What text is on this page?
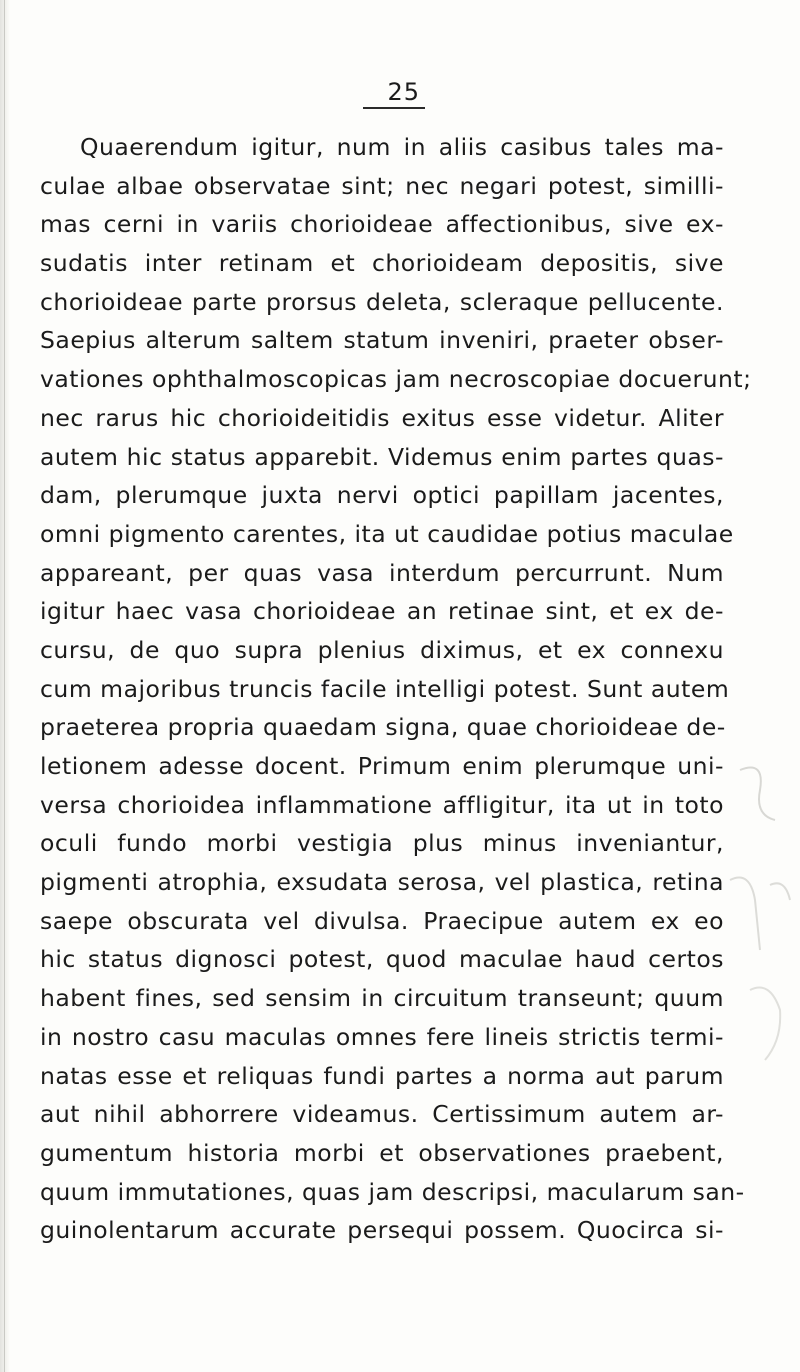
25
Quaerendum igitur, num in aliis casibus tales ma-
culae albae observatae sint; nec negari potest, similli-
mas cerni in variis chorioideae affectionibus, sive ex-
sudatis inter retinam et chorioideam depositis, sive
chorioideae parte prorsus deleta, scleraque pellucente.
Saepius alterum saltem statum inveniri, praeter obser-
vationes ophthalmoscopicas jam necroscopiae docuerunt;
nec rarus hic chorioideitidis exitus esse videtur. Aliter
autem hic status apparebit. Videmus enim partes quas-
dam, plerumque juxta nervi optici papillam jacentes,
omni pigmento carentes, ita ut caudidae potius maculae
appareant, per quas vasa interdum percurrunt. Num
igitur haec vasa chorioideae an retinae sint, et ex de-
cursu, de quo supra plenius diximus, et ex connexu
cum majoribus truncis facile intelligi potest. Sunt autem
praeterea propria quaedam signa, quae chorioideae de-
letionem adesse docent. Primum enim plerumque uni-
versa chorioidea inflammatione affligitur, ita ut in toto
oculi fundo morbi vestigia plus minus inveniantur,
pigmenti atrophia, exsudata serosa, vel plastica, retina
saepe obscurata vel divulsa. Praecipue autem ex eo
hic status dignosci potest, quod maculae haud certos
habent fines, sed sensim in circuitum transeunt; quum
in nostro casu maculas omnes fere lineis strictis termi-
natas esse et reliquas fundi partes a norma aut parum
aut nihil abhorrere videamus. Certissimum autem ar-
gumentum historia morbi et observationes praebent,
quum immutationes, quas jam descripsi, macularum san-
guinolentarum accurate persequi possem. Quocirca si-
